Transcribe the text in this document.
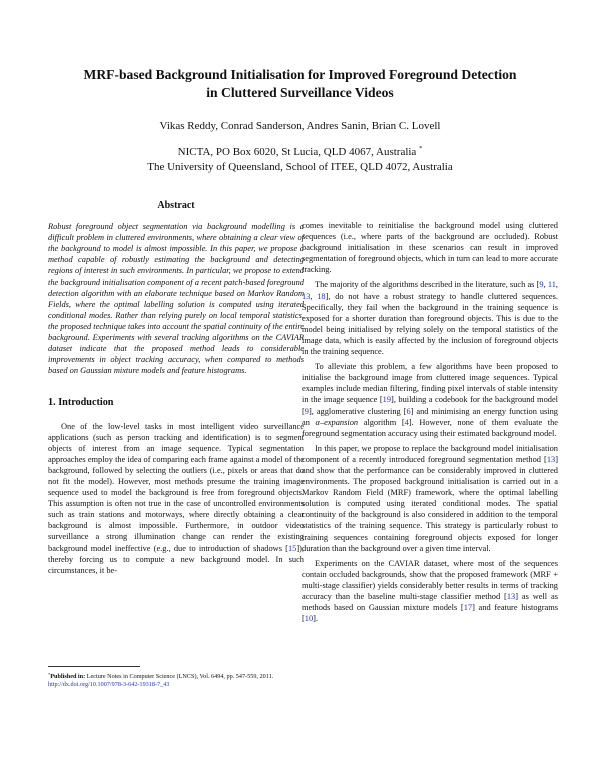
MRF-based Background Initialisation for Improved Foreground Detection
in Cluttered Surveillance Videos
Vikas Reddy, Conrad Sanderson, Andres Sanin, Brian C. Lovell
NICTA, PO Box 6020, St Lucia, QLD 4067, Australia *
The University of Queensland, School of ITEE, QLD 4072, Australia
Abstract

Robust foreground object segmentation via background modelling is a difficult problem in cluttered environments, where obtaining a clear view of the background to model is almost impossible. In this paper, we propose a method capable of robustly estimating the background and detecting regions of interest in such environments. In particular, we propose to extend the background initialisation component of a recent patch-based foreground detection algorithm with an elaborate technique based on Markov Random Fields, where the optimal labelling solution is computed using iterated conditional modes. Rather than relying purely on local temporal statistics, the proposed technique takes into account the spatial continuity of the entire background. Experiments with several tracking algorithms on the CAVIAR dataset indicate that the proposed method leads to considerable improvements in object tracking accuracy, when compared to methods based on Gaussian mixture models and feature histograms.

1. Introduction

One of the low-level tasks in most intelligent video surveillance applications (such as person tracking and identification) is to segment objects of interest from an image sequence. Typical segmentation approaches employ the idea of comparing each frame against a model of the background, followed by selecting the outliers (i.e., pixels or areas that do not fit the model). However, most methods presume the training image sequence used to model the background is free from foreground objects. This assumption is often not true in the case of uncontrolled environments such as train stations and motorways, where directly obtaining a clear background is almost impossible. Furthermore, in outdoor video surveillance a strong illumination change can render the existing background model ineffective (e.g., due to introduction of shadows [15]), thereby forcing us to compute a new background model. In such circumstances, it be-

comes inevitable to reinitialise the background model using cluttered sequences (i.e., where parts of the background are occluded). Robust background initialisation in these scenarios can result in improved segmentation of foreground objects, which in turn can lead to more accurate tracking.

The majority of the algorithms described in the literature, such as [9, 11, 13, 18], do not have a robust strategy to handle cluttered sequences. Specifically, they fail when the background in the training sequence is exposed for a shorter duration than foreground objects. This is due to the model being initialised by relying solely on the temporal statistics of the image data, which is easily affected by the inclusion of foreground objects in the training sequence.

To alleviate this problem, a few algorithms have been proposed to initialise the background image from cluttered image sequences. Typical examples include median filtering, finding pixel intervals of stable intensity in the image sequence [19], building a codebook for the background model [9], agglomerative clustering [6] and minimising an energy function using an α–expansion algorithm [4]. However, none of them evaluate the foreground segmentation accuracy using their estimated background model.

In this paper, we propose to replace the background model initialisation component of a recently introduced foreground segmentation method [13] and show that the performance can be considerably improved in cluttered environments. The proposed background initialisation is carried out in a Markov Random Field (MRF) framework, where the optimal labelling solution is computed using iterated conditional modes. The spatial continuity of the background is also considered in addition to the temporal statistics of the training sequence. This strategy is particularly robust to training sequences containing foreground objects exposed for longer duration than the background over a given time interval.

Experiments on the CAVIAR dataset, where most of the sequences contain occluded backgrounds, show that the proposed framework (MRF + multi-stage classifier) yields considerably better results in terms of tracking accuracy than the baseline multi-stage classifier method [13] as well as methods based on Gaussian mixture models [17] and feature histograms [10].

*Published in: Lecture Notes in Computer Science (LNCS), Vol. 6494, pp. 547-559, 2011. http://dx.doi.org/10.1007/978-3-642-19318-7_43
